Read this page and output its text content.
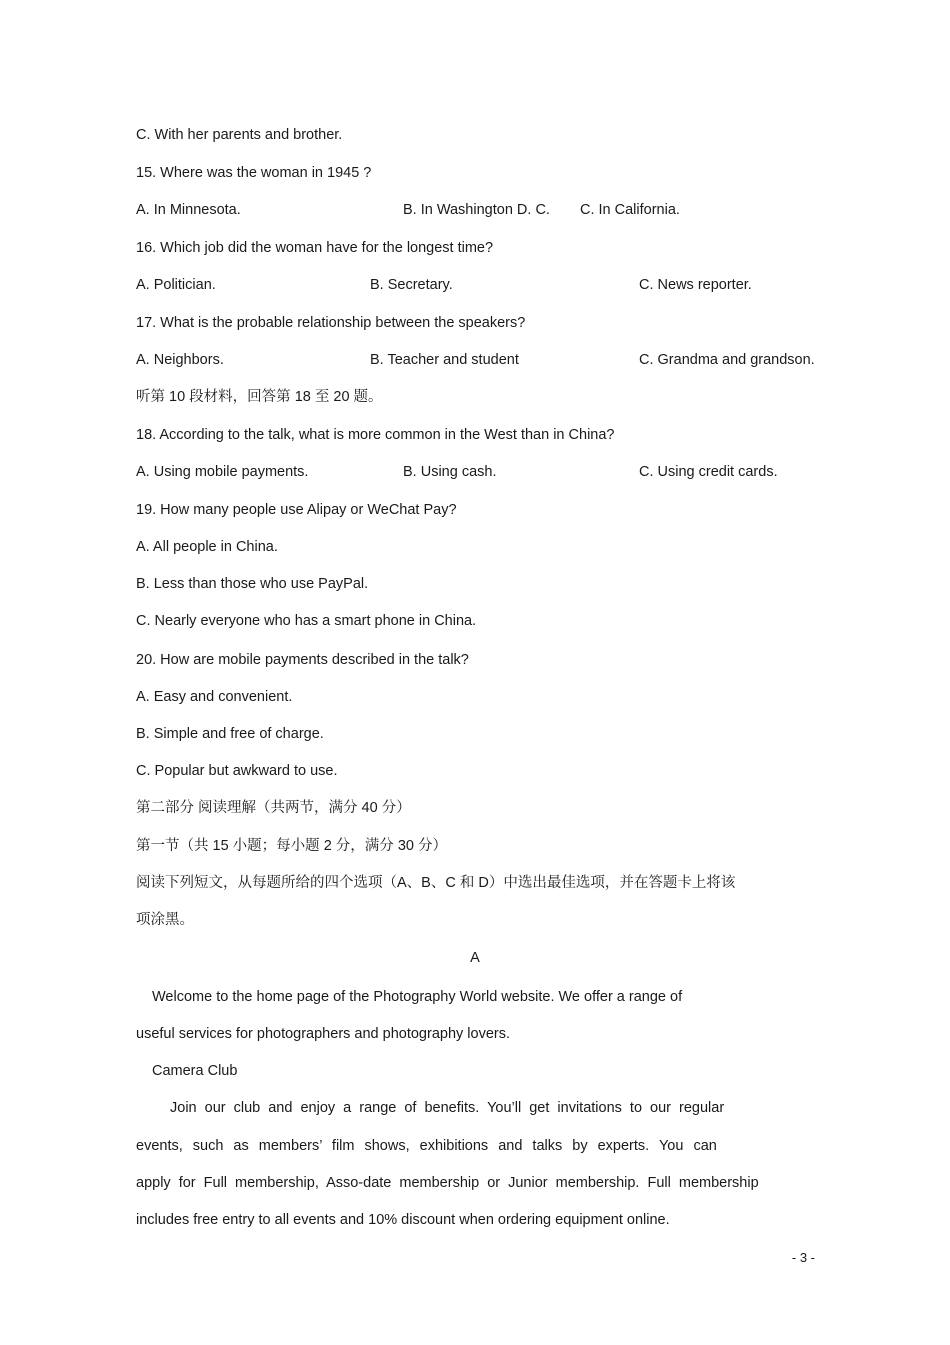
C. With her parents and brother.
15. Where was the woman in 1945 ?
A. In Minnesota.	B. In Washington D. C. C. In California.
16. Which job did the woman have for the longest time?
A. Politician.	B. Secretary.	C. News reporter.
17. What is the probable relationship between the speakers?
A. Neighbors.	B. Teacher and student	C. Grandma and grandson.
听第 10 段材料，回答第 18 至 20 题。
18. According to the talk, what is more common in the West than in China?
A. Using mobile payments.	B. Using cash.	C. Using credit cards.
19. How many people use Alipay or WeChat Pay?
A. All people in China.
B. Less than those who use PayPal.
C. Nearly everyone who has a smart phone in China.
20. How are mobile payments described in the talk?
A. Easy and convenient.
B. Simple and free of charge.
C. Popular but awkward to use.
第二部分 阅读理解（共两节，满分 40 分）
第一节（共 15 小题；每小题 2 分，满分 30 分）
阅读下列短文，从每题所给的四个选项（A、B、C 和 D）中选出最佳选项，并在答题卡上将该
项涂黑。
A
Welcome to the home page of the Photography World website. We offer a range of
useful services for photographers and photography lovers.
Camera Club
Join our club and enjoy a range of benefits. You’ll get invitations to our regular
events, such as members’ film shows, exhibitions and talks by experts. You can
apply for Full membership, Asso-date membership or Junior membership. Full membership
includes free entry to all events and 10% discount when ordering equipment online.
- 3 -
